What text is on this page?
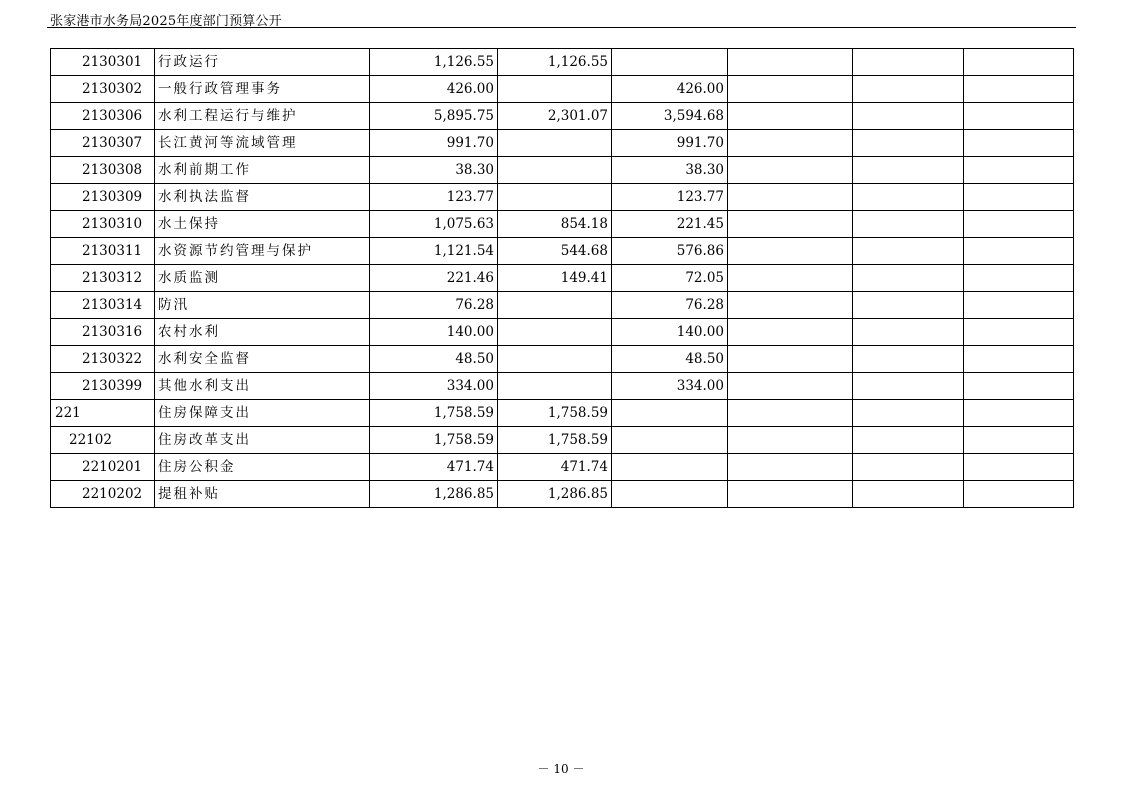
张家港市水务局2025年度部门预算公开
2130301	行政运行	1,126.55	1,126.55				
2130302	一般行政管理事务	426.00		426.00			
2130306	水利工程运行与维护	5,895.75	2,301.07	3,594.68			
2130307	长江黄河等流域管理	991.70		991.70			
2130308	水利前期工作	38.30		38.30			
2130309	水利执法监督	123.77		123.77			
2130310	水土保持	1,075.63	854.18	221.45			
2130311	水资源节约管理与保护	1,121.54	544.68	576.86			
2130312	水质监测	221.46	149.41	72.05			
2130314	防汛	76.28		76.28			
2130316	农村水利	140.00		140.00			
2130322	水利安全监督	48.50		48.50			
2130399	其他水利支出	334.00		334.00			
221	住房保障支出	1,758.59	1,758.59				
22102	住房改革支出	1,758.59	1,758.59				
2210201	住房公积金	471.74	471.74				
2210202	提租补贴	1,286.85	1,286.85				
－ 10 －
